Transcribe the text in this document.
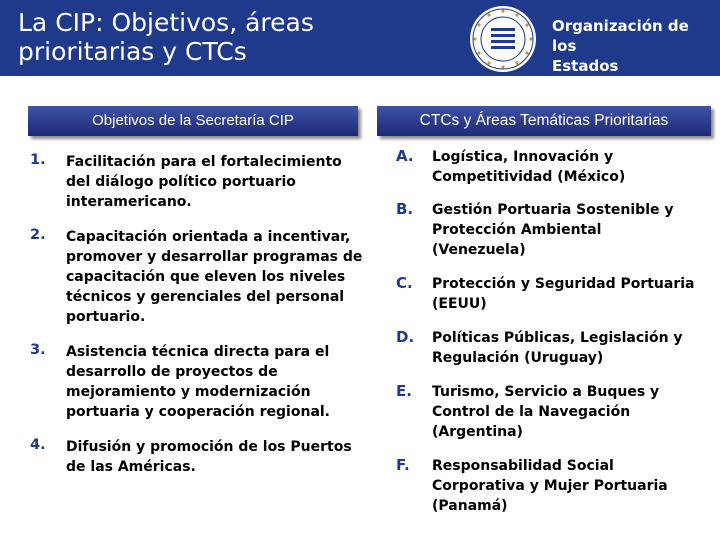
La CIP: Objetivos, áreas
prioritarias y CTCs
Organización de los
Estados Americanos
Objetivos de la Secretaría CIP	CTCs y Áreas Temáticas Prioritarias
1. Facilitación para el fortalecimiento del diálogo político portuario interamericano.
2. Capacitación orientada a incentivar, promover y desarrollar programas de capacitación que eleven los niveles técnicos y gerenciales del personal portuario.
3. Asistencia técnica directa para el desarrollo de proyectos de mejoramiento y modernización portuaria y cooperación regional.
4. Difusión y promoción de los Puertos de las Américas.
A. Logística, Innovación y Competitividad (México)
B. Gestión Portuaria Sostenible y Protección Ambiental (Venezuela)
C. Protección y Seguridad Portuaria (EEUU)
D. Políticas Públicas, Legislación y Regulación (Uruguay)
E. Turismo, Servicio a Buques y Control de la Navegación (Argentina)
F. Responsabilidad Social Corporativa y Mujer Portuaria (Panamá)
